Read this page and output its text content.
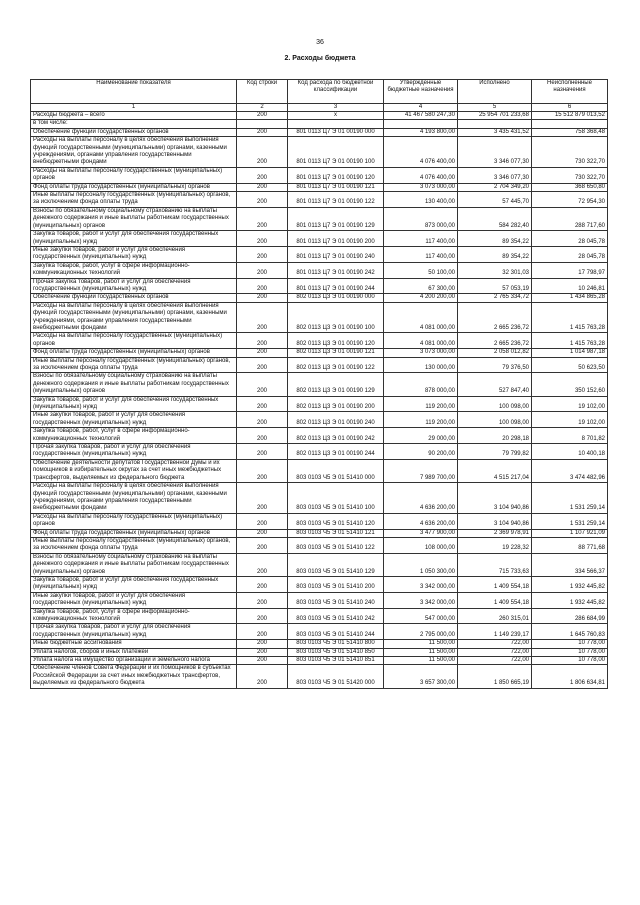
36
2. Расходы бюджета
Наименование показателя	Код строки	Код расхода по бюджетной классификации	Утвержденные бюджетные назначения	Исполнено	Неисполненные назначения
1	2	3	4	5	6
Расходы бюджета – всего	200	x	41 467 580 247,30	25 954 701 233,68	15 512 879 013,52
в том числе:					
Обеспечение функций государственных органов	200	801 0113 Ц7 Э 01 00190 000	4 193 800,00	3 435 431,52	758 368,48
Расходы на выплаты персоналу в целях обеспечения выполнения функций государственными (муниципальными) органами, казенными учреждениями, органами управления государственными внебюджетными фондами	200	801 0113 Ц7 Э 01 00190 100	4 076 400,00	3 346 077,30	730 322,70
Расходы на выплаты персоналу государственных (муниципальных) органов	200	801 0113 Ц7 Э 01 00190 120	4 076 400,00	3 346 077,30	730 322,70
Фонд оплаты труда государственных (муниципальных) органов	200	801 0113 Ц7 Э 01 00190 121	3 073 000,00	2 704 349,20	368 650,80
Иные выплаты персоналу государственных (муниципальных) органов, за исключением фонда оплаты труда	200	801 0113 Ц7 Э 01 00190 122	130 400,00	57 445,70	72 954,30
Взносы по обязательному социальному страхованию на выплаты денежного содержания и иные выплаты работникам государственных (муниципальных) органов	200	801 0113 Ц7 Э 01 00190 129	873 000,00	584 282,40	288 717,60
Закупка товаров, работ и услуг для обеспечения государственных (муниципальных) нужд	200	801 0113 Ц7 Э 01 00190 200	117 400,00	89 354,22	28 045,78
Иные закупки товаров, работ и услуг для обеспечения государственных (муниципальных) нужд	200	801 0113 Ц7 Э 01 00190 240	117 400,00	89 354,22	28 045,78
Закупка товаров, работ, услуг в сфере информационно-коммуникационных технологий	200	801 0113 Ц7 Э 01 00190 242	50 100,00	32 301,03	17 798,97
Прочая закупка товаров, работ и услуг для обеспечения государственных (муниципальных) нужд	200	801 0113 Ц7 Э 01 00190 244	67 300,00	57 053,19	10 246,81
Обеспечение функций государственных органов	200	802 0113 Ц3 Э 01 00190 000	4 200 200,00	2 765 334,72	1 434 865,28
Расходы на выплаты персоналу в целях обеспечения выполнения функций государственными (муниципальными) органами, казенными учреждениями, органами управления государственными внебюджетными фондами	200	802 0113 Ц3 Э 01 00190 100	4 081 000,00	2 665 236,72	1 415 763,28
Расходы на выплаты персоналу государственных (муниципальных) органов	200	802 0113 Ц3 Э 01 00190 120	4 081 000,00	2 665 236,72	1 415 763,28
Фонд оплаты труда государственных (муниципальных) органов	200	802 0113 Ц3 Э 01 00190 121	3 073 000,00	2 058 012,82	1 014 987,18
Иные выплаты персоналу государственных (муниципальных) органов, за исключением фонда оплаты труда	200	802 0113 Ц3 Э 01 00190 122	130 000,00	79 376,50	50 623,50
Взносы по обязательному социальному страхованию на выплаты денежного содержания и иные выплаты работникам государственных (муниципальных) органов	200	802 0113 Ц3 Э 01 00190 129	878 000,00	527 847,40	350 152,60
Закупка товаров, работ и услуг для обеспечения государственных (муниципальных) нужд	200	802 0113 Ц3 Э 01 00190 200	119 200,00	100 098,00	19 102,00
Иные закупки товаров, работ и услуг для обеспечения государственных (муниципальных) нужд	200	802 0113 Ц3 Э 01 00190 240	119 200,00	100 098,00	19 102,00
Закупка товаров, работ, услуг в сфере информационно-коммуникационных технологий	200	802 0113 Ц3 Э 01 00190 242	29 000,00	20 298,18	8 701,82
Прочая закупка товаров, работ и услуг для обеспечения государственных (муниципальных) нужд	200	802 0113 Ц3 Э 01 00190 244	90 200,00	79 799,82	10 400,18
Обеспечение деятельности депутатов Государственной Думы и их помощников в избирательных округах за счет иных межбюджетных трансфертов, выделяемых из федерального бюджета	200	803 0103 Ч5 Э 01 51410 000	7 989 700,00	4 515 217,04	3 474 482,96
Расходы на выплаты персоналу в целях обеспечения выполнения функций государственными (муниципальными) органами, казенными учреждениями, органами управления государственными внебюджетными фондами	200	803 0103 Ч5 Э 01 51410 100	4 636 200,00	3 104 940,86	1 531 259,14
Расходы на выплаты персоналу государственных (муниципальных) органов	200	803 0103 Ч5 Э 01 51410 120	4 636 200,00	3 104 940,86	1 531 259,14
Фонд оплаты труда государственных (муниципальных) органов	200	803 0103 Ч5 Э 01 51410 121	3 477 900,00	2 369 978,91	1 107 921,09
Иные выплаты персоналу государственных (муниципальных) органов, за исключением фонда оплаты труда	200	803 0103 Ч5 Э 01 51410 122	108 000,00	19 228,32	88 771,68
Взносы по обязательному социальному страхованию на выплаты денежного содержания и иные выплаты работникам государственных (муниципальных) органов	200	803 0103 Ч5 Э 01 51410 129	1 050 300,00	715 733,63	334 566,37
Закупка товаров, работ и услуг для обеспечения государственных (муниципальных) нужд	200	803 0103 Ч5 Э 01 51410 200	3 342 000,00	1 409 554,18	1 932 445,82
Иные закупки товаров, работ и услуг для обеспечения государственных (муниципальных) нужд	200	803 0103 Ч5 Э 01 51410 240	3 342 000,00	1 409 554,18	1 932 445,82
Закупка товаров, работ, услуг в сфере информационно-коммуникационных технологий	200	803 0103 Ч5 Э 01 51410 242	547 000,00	260 315,01	286 684,99
Прочая закупка товаров, работ и услуг для обеспечения государственных (муниципальных) нужд	200	803 0103 Ч5 Э 01 51410 244	2 795 000,00	1 149 239,17	1 645 760,83
Иные бюджетные ассигнования	200	803 0103 Ч5 Э 01 51410 800	11 500,00	722,00	10 778,00
Уплата налогов, сборов и иных платежей	200	803 0103 Ч5 Э 01 51410 850	11 500,00	722,00	10 778,00
Уплата налога на имущество организаций и земельного налога	200	803 0103 Ч5 Э 01 51410 851	11 500,00	722,00	10 778,00
Обеспечение членов Совета Федерации и их помощников в субъектах Российской Федерации за счет иных межбюджетных трансфертов, выделяемых из федерального бюджета	200	803 0103 Ч5 Э 01 51420 000	3 657 300,00	1 850 665,19	1 806 634,81
